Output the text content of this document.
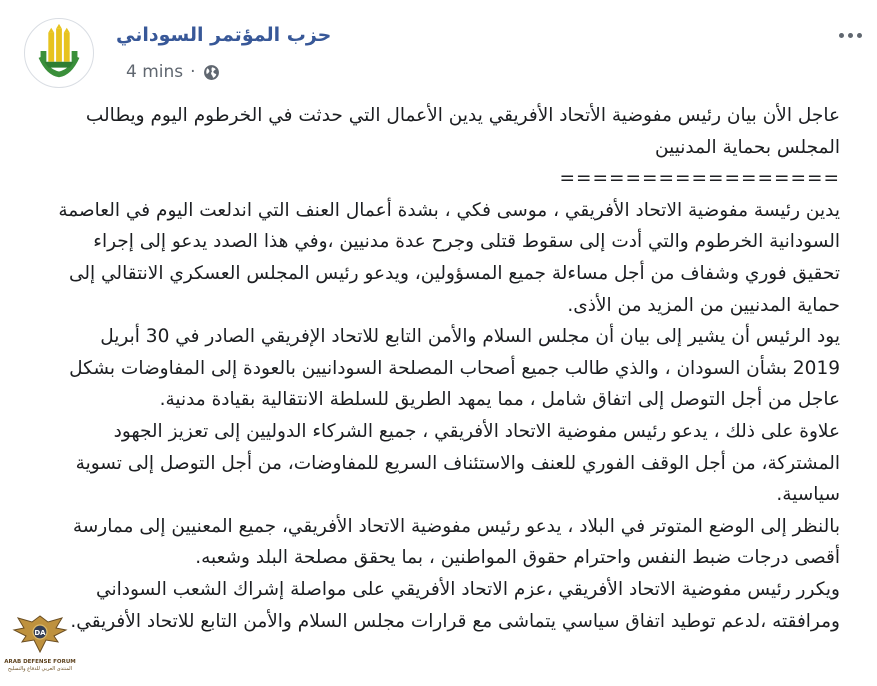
حزب المؤتمر السوداني
4 mins ·

عاجل الأن بيان رئيس مفوضية الأتحاد الأفريقي يدين الأعمال التي حدثت في الخرطوم اليوم ويطالب المجلس بحماية المدنيين

=================

يدين رئيسة مفوضية الاتحاد الأفريقي ، موسى فكي ، بشدة أعمال العنف التي اندلعت اليوم في العاصمة السودانية الخرطوم والتي أدت إلى سقوط قتلى وجرح عدة مدنيين ،وفي هذا الصدد يدعو إلى إجراء تحقيق فوري وشفاف من أجل مساءلة جميع المسؤولين، ويدعو رئيس المجلس العسكري الانتقالي إلى حماية المدنيين من المزيد من الأذى.

يود الرئيس أن يشير إلى بيان أن مجلس السلام والأمن التابع للاتحاد الإفريقي الصادر في 30 أبريل 2019 بشأن السودان ، والذي طالب جميع أصحاب المصلحة السودانيين بالعودة إلى المفاوضات بشكل عاجل من أجل التوصل إلى اتفاق شامل ، مما يمهد الطريق للسلطة الانتقالية بقيادة مدنية.

علاوة على ذلك ، يدعو رئيس مفوضية الاتحاد الأفريقي ، جميع الشركاء الدوليين إلى تعزيز الجهود المشتركة، من أجل الوقف الفوري للعنف والاستئناف السريع للمفاوضات، من أجل التوصل إلى تسوية سياسية.

بالنظر إلى الوضع المتوتر في البلاد ، يدعو رئيس مفوضية الاتحاد الأفريقي، جميع المعنيين إلى ممارسة أقصى درجات ضبط النفس واحترام حقوق المواطنين ، بما يحقق مصلحة البلد وشعبه.

ويكرر رئيس مفوضية الاتحاد الأفريقي ،عزم الاتحاد الأفريقي على مواصلة إشراك الشعب السوداني ومرافقته ،لدعم توطيد اتفاق سياسي يتماشى مع قرارات مجلس السلام والأمن التابع للاتحاد الأفريقي.

DA
ARAB DEFENSE FORUM
المنتدى العربي للدفاع والتسليح
